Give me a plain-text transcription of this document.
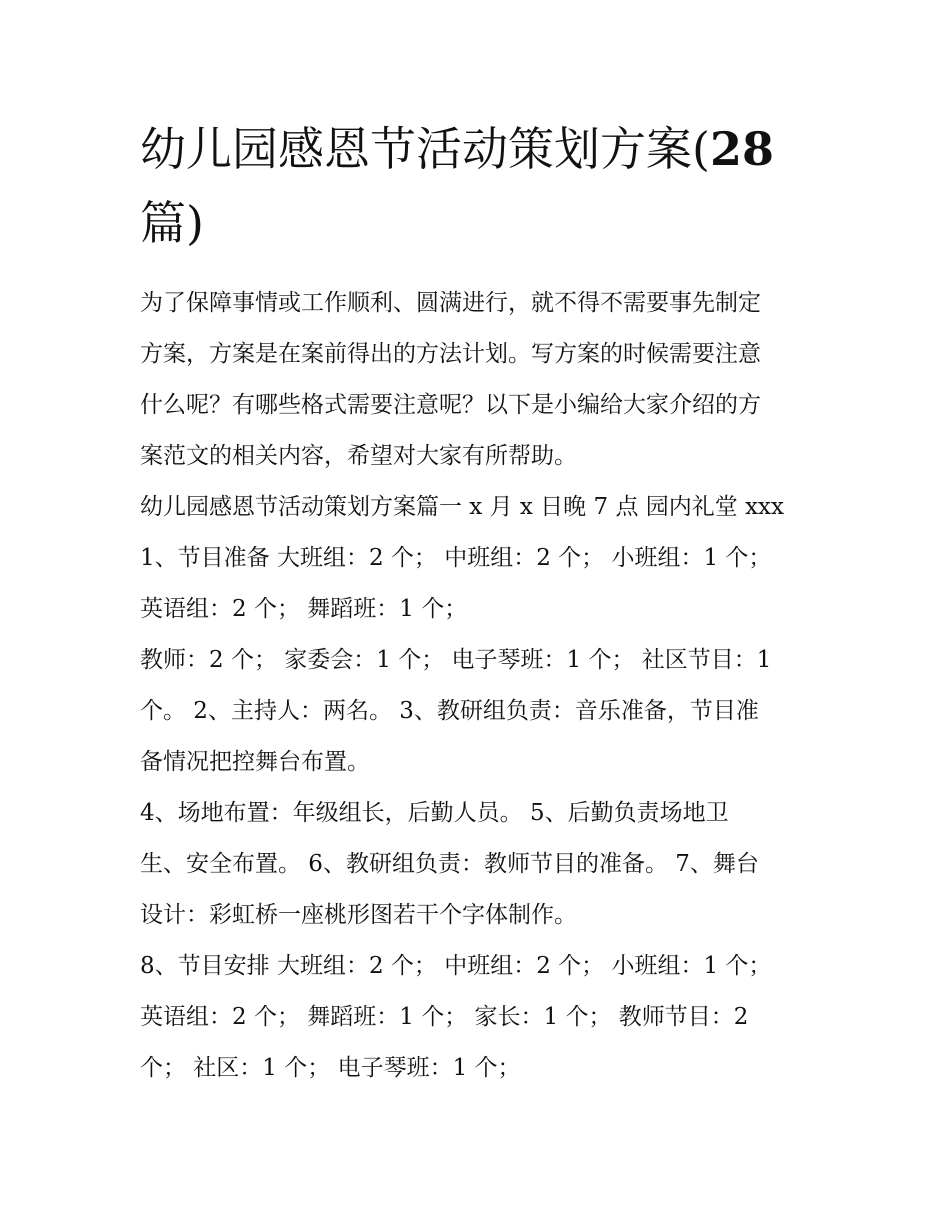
幼儿园感恩节活动策划方案(28
篇)

为了保障事情或工作顺利、圆满进行，就不得不需要事先制定
方案，方案是在案前得出的方法计划。写方案的时候需要注意
什么呢？有哪些格式需要注意呢？以下是小编给大家介绍的方
案范文的相关内容，希望对大家有所帮助。

幼儿园感恩节活动策划方案篇一 x 月 x 日晚 7 点 园内礼堂 xxx

1、节目准备 大班组：2 个； 中班组：2 个； 小班组：1 个；

英语组：2 个； 舞蹈班：1 个；

教师：2 个； 家委会：1 个； 电子琴班：1 个； 社区节目：1
个。 2、主持人：两名。 3、教研组负责：音乐准备，节目准
备情况把控舞台布置。

4、场地布置：年级组长，后勤人员。 5、后勤负责场地卫
生、安全布置。 6、教研组负责：教师节目的准备。 7、舞台
设计：彩虹桥一座桃形图若干个字体制作。

8、节目安排 大班组：2 个； 中班组：2 个； 小班组：1 个；

英语组：2 个； 舞蹈班：1 个； 家长：1 个； 教师节目：2
个； 社区：1 个； 电子琴班：1 个；
